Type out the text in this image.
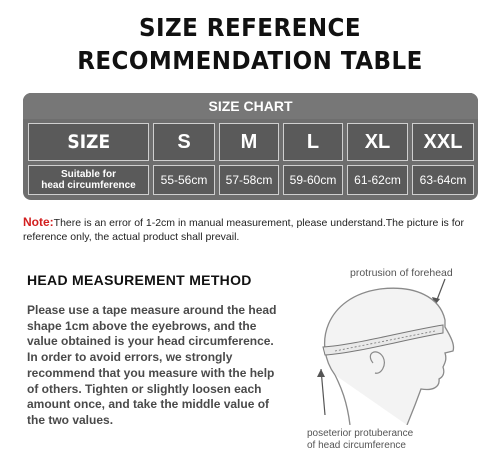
SIZE REFERENCE
RECOMMENDATION TABLE
SIZE CHART
SIZE	S	M	L	XL	XXL
Suitable for
head circumference	55-56cm	57-58cm	59-60cm	61-62cm	63-64cm
Note:There is an error of 1-2cm in manual measurement, please understand.The picture is for reference only, the actual product shall prevail.
HEAD MEASUREMENT METHOD
Please use a tape measure around the head shape 1cm above the eyebrows, and the value obtained is your head circumference. In order to avoid errors, we strongly recommend that you measure with the help of others. Tighten or slightly loosen each amount once, and take the middle value of the two values.
protrusion of forehead
poseterior protuberance
of head circumference
